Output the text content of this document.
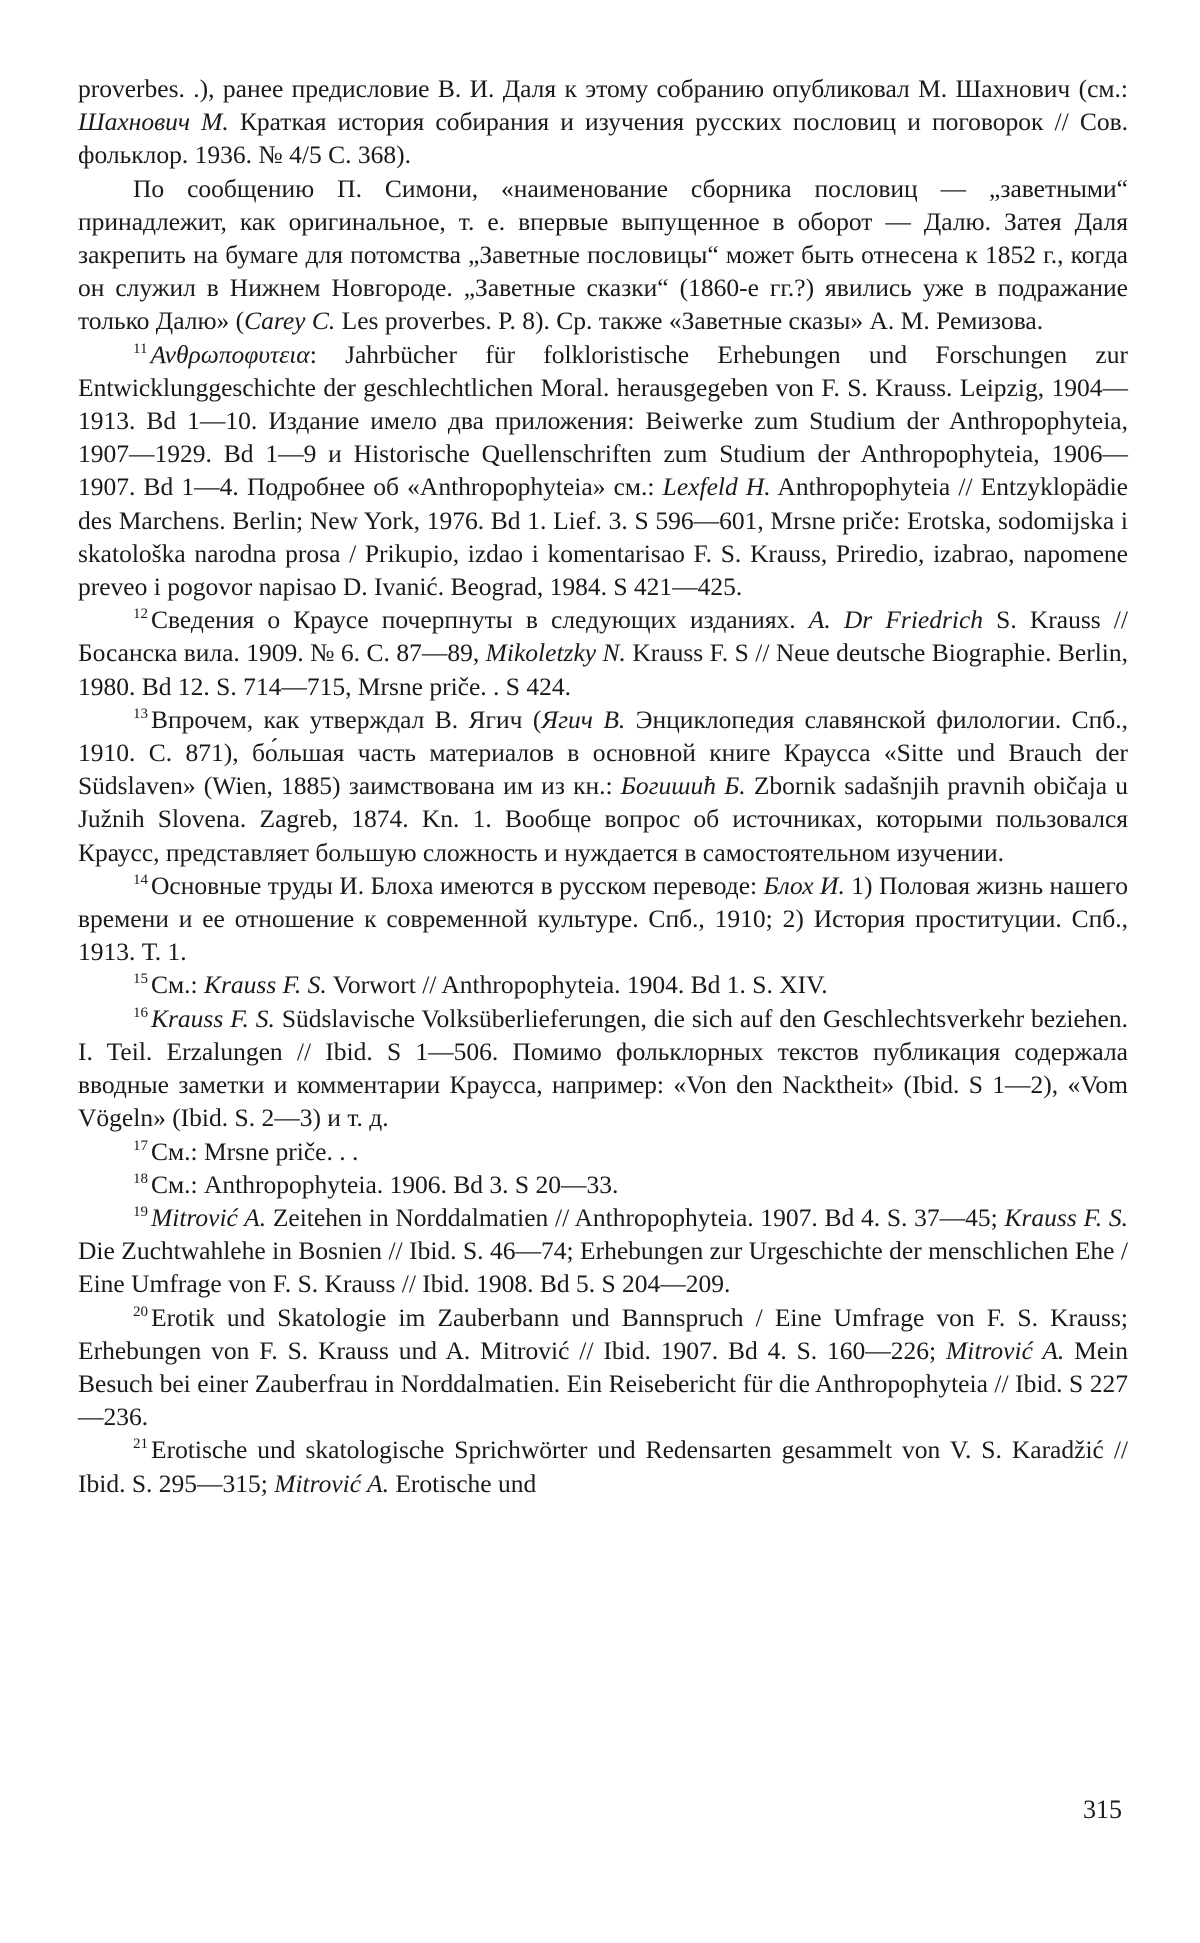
proverbes. .), ранее предисловие В. И. Даля к этому собранию опубликовал М. Шахнович (см.: Шахнович М. Краткая история собирания и изучения русских пословиц и поговорок // Сов. фольклор. 1936. № 4/5 С. 368).

По сообщению П. Симони, «наименование сборника пословиц — „заветными“ принадлежит, как оригинальное, т. е. впервые выпущенное в оборот — Далю. Затея Даля закрепить на бумаге для потомства „Заветные пословицы“ может быть отнесена к 1852 г., когда он служил в Нижнем Новгороде. „Заветные сказки“ (1860-е гг.?) явились уже в подражание только Далю» (Carey C. Les proverbes. P. 8). Ср. также «Заветные сказы» А. М. Ремизова.

$^{11}$ Ανθρωποφυτεια: Jahrbücher für folkloristische Erhebungen und Forschungen zur Entwicklunggeschichte der geschlechtlichen Moral. herausgegeben von F. S. Krauss. Leipzig, 1904—1913. Bd 1—10. Издание имело два приложения: Beiwerke zum Studium der Anthropophyteia, 1907—1929. Bd 1—9 и Historische Quellenschriften zum Studium der Anthropophyteia, 1906—1907. Bd 1—4. Подробнее об «Anthropophyteia» см.: Lexfeld H. Anthropophyteia // Entzyklopädie des Marchens. Berlin; New York, 1976. Bd 1. Lief. 3. S 596—601, Mrsne priče: Erotska, sodomijska i skatološka narodna prosa / Prikupio, izdao i komentarisao F. S. Krauss, Priredio, izabrao, napomene preveo i pogovor napisao D. Ivanić. Beograd, 1984. S 421—425.

$^{12}$ Сведения о Краусе почерпнуты в следующих изданиях. A. Dr Friedrich S. Krauss // Босанска вила. 1909. № 6. С. 87—89, Mikoletzky N. Krauss F. S // Neue deutsche Biographie. Berlin, 1980. Bd 12. S. 714—715, Mrsne priče. . S 424.

$^{13}$ Впрочем, как утверждал В. Ягич (Ягич В. Энциклопедия славянской филологии. Спб., 1910. С. 871), бо́льшая часть материалов в основной книге Краусса «Sitte und Brauch der Südslaven» (Wien, 1885) заимствована им из кн.: Богишић Б. Zbornik sadašnjih pravnih običaja u Južnih Slovena. Zagreb, 1874. Kn. 1. Вообще вопрос об источниках, которыми пользовался Краусс, представляет большую сложность и нуждается в самостоятельном изучении.

$^{14}$ Основные труды И. Блоха имеются в русском переводе: Блох И. 1) Половая жизнь нашего времени и ее отношение к современной культуре. Спб., 1910; 2) История проституции. Спб., 1913. Т. 1.

$^{15}$ См.: Krauss F. S. Vorwort // Anthropophyteia. 1904. Bd 1. S. XIV.

$^{16}$ Krauss F. S. Südslavische Volksüberlieferungen, die sich auf den Geschlechtsverkehr beziehen. I. Teil. Erzalungen // Ibid. S 1—506. Помимо фольклорных текстов публикация содержала вводные заметки и комментарии Краусса, например: «Von den Nacktheit» (Ibid. S 1—2), «Vom Vögeln» (Ibid. S. 2—3) и т. д.

$^{17}$ См.: Mrsne priče. . .

$^{18}$ См.: Anthropophyteia. 1906. Bd 3. S 20—33.

$^{19}$ Mitrović A. Zeitehen in Norddalmatien // Anthropophyteia. 1907. Bd 4. S. 37—45; Krauss F. S. Die Zuchtwahlehe in Bosnien // Ibid. S. 46—74; Erhebungen zur Urgeschichte der menschlichen Ehe / Eine Umfrage von F. S. Krauss // Ibid. 1908. Bd 5. S 204—209.

$^{20}$ Erotik und Skatologie im Zauberbann und Bannspruch / Eine Umfrage von F. S. Krauss; Erhebungen von F. S. Krauss und A. Mitrović // Ibid. 1907. Bd 4. S. 160—226; Mitrović A. Mein Besuch bei einer Zauberfrau in Norddalmatien. Ein Reisebericht für die Anthropophyteia // Ibid. S 227—236.

$^{21}$ Erotische und skatologische Sprichwörter und Redensarten gesammelt von V. S. Karadžić // Ibid. S. 295—315; Mitrović A. Erotische und

315
